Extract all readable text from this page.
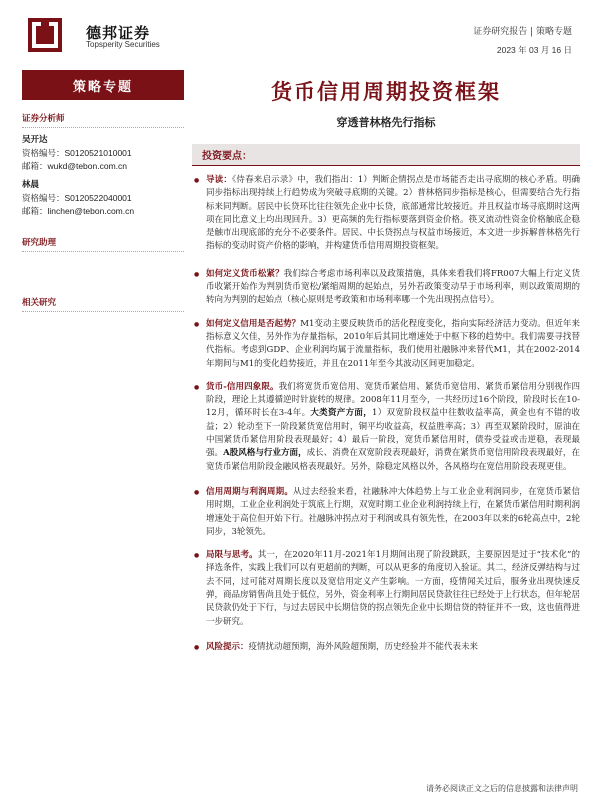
德邦证券
Topsperity Securities
证券研究报告 | 策略专题
2023 年 03 月 16 日
策略专题
证券分析师
吴开达
资格编号：S0120521010001
邮箱：wukd@tebon.com.cn
林晨
资格编号：S0120522040001
邮箱：linchen@tebon.com.cn
研究助理
相关研究
货币信用周期投资框架
穿透普林格先行指标
投资要点：
● 导读：《侍春来启示录》中，我们指出：1）判断企情拐点是市场能否走出寻底期的核心矛盾。明确同步指标出现持续上行趋势成为突破寻底期的关键。2）普林格同步指标是核心，但需要结合先行指标来同判断。居民中长贷环比往往领先企业中长贷，底部通常比较接近。并且权益市场寻底期时这两项在同比意义上均出现回升。3）更高频的先行指标要落到资金价格。筷叉流动性资金价格触底企稳是触市出现底部的充分不必要条件。居民、中长贷拐点与权益市场接近，本文进一步拆解普林格先行指标的变动时资产价格的影响，并构建货币信用周期投资框架。
● 如何定义货币松紧？我们综合考虑市场利率以及政策措施，具体来看我们将FR007大幅上行定义货币收紧开始作为判别货币宽松/紧缩周期的起始点，另外若政策变动早于市场利率，则以政策周期的转向为判别的起始点（核心原则是考政策和市场利率哪一个先出现拐点信号）。
● 如何定义信用是否起势？M1变动主要反映货币的活化程度变化，指向实际经济活力变动。但近年来指标意义欠佳，另外作为存量指标，2010年后其同比增速处于中枢下移的趋势中。我们需要寻找替代指标。考虑到GDP、企业利润均属于流量指标，我们使用社融脉冲来替代M1，其在2002-2014年期间与M1的变化趋势接近，并且在2011年至今其波动区间更加稳定。
● 货币-信用四象限。我们将宽货币宽信用、宽货币紧信用、紧货币宽信用、紧货币紧信用分别视作四阶段，理论上其遵循逆时针旋转的规律。2008年11月至今，一共经历过16个阶段，阶段时长在10-12月，循环时长在3-4年。大类资产方面，1）双宽阶段权益中往数收益率高，黄金也有不错的收益；2）轮动至下一阶段紧货宽信用时，铜平均收益高，权益胜率高；3）再至双紧阶段时，原油在中国紧货币紧信用阶段表现最好；4）最后一阶段，宽货币紧信用时，债券受益或击逆稳，表现最强。A股风格与行业方面，成长、消费在双宽阶段表现最好，消费在紧货币宽信用阶段表现最好，在宽货币紧信用阶段金融风格表现最好。另外，除稳定风格以外，各风格均在宽信用阶段表现更佳。
● 信用周期与利润周期。从过去经验来看，社融脉冲大体趋势上与工业企业利润同步，在宽货币紧信用时期，工业企业利润处于筑底上行期，双宽时期工业企业利润持续上行，在紧货币紧信用时期利润增速处于高位但开始下行。社融脉冲拐点对于利润或具有领先性，在2003年以来的6轮高点中，2轮同步，3轮领先。
● 局限与思考。其一，在2020年11月-2021年1月期间出现了阶段跳跃，主要原因是过于“技术化”的择选条件，实践上我们可以有更超前的判断，可以从更多的角度切入验证。其二，经济反弹结构与过去不同，过可能对周期长度以及宽信用定义产生影响。一方面，疫情闻关过后，服务业出现快速反弹，商品房销售尚且处于低位，另外，资金利率上行期间居民贷款往往已经处于上行状态，但年轮居民贷款仍处于下行，与过去居民中长期信贷的拐点领先企业中长期信贷的特征并不一致，这也值得进一步研究。
● 风险提示：疫情扰动超预期，海外风险超预期，历史经验并不能代表未来
请务必阅读正文之后的信息披露和法律声明
